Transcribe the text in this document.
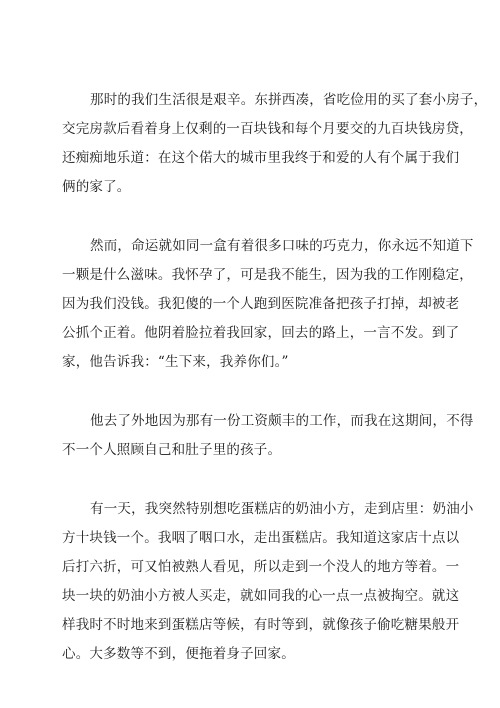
那时的我们生活很是艰辛。东拼西凑，省吃俭用的买了套小房子，
交完房款后看着身上仅剩的一百块钱和每个月要交的九百块钱房贷，
还痴痴地乐道：在这个偌大的城市里我终于和爱的人有个属于我们
俩的家了。

然而，命运就如同一盒有着很多口味的巧克力，你永远不知道下
一颗是什么滋味。我怀孕了，可是我不能生，因为我的工作刚稳定，
因为我们没钱。我犯傻的一个人跑到医院准备把孩子打掉，却被老
公抓个正着。他阴着脸拉着我回家，回去的路上，一言不发。到了
家，他告诉我：“生下来，我养你们。”

他去了外地因为那有一份工资颇丰的工作，而我在这期间，不得
不一个人照顾自己和肚子里的孩子。

有一天，我突然特别想吃蛋糕店的奶油小方，走到店里：奶油小
方十块钱一个。我咽了咽口水，走出蛋糕店。我知道这家店十点以
后打六折，可又怕被熟人看见，所以走到一个没人的地方等着。一
块一块的奶油小方被人买走，就如同我的心一点一点被掏空。就这
样我时不时地来到蛋糕店等候，有时等到，就像孩子偷吃糖果般开
心。大多数等不到，便拖着身子回家。
